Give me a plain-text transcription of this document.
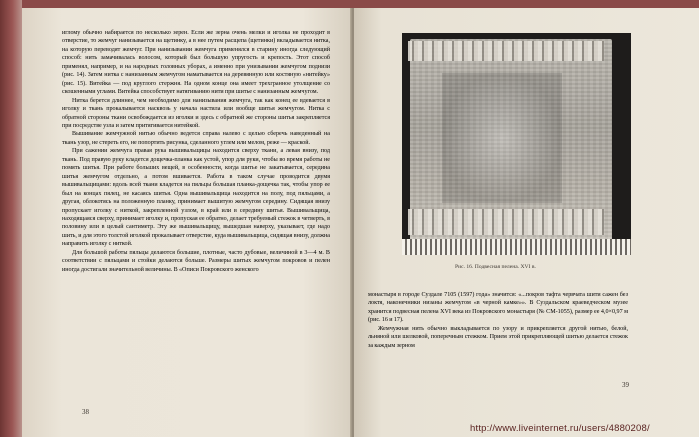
иглому обычно набирается по несколько зерен. Если же зерна очень мелки и иголка не проходит в отверстие, то жемчуг нанизывается на щетинку, а в нее путем расщепа (щетинки) вкладывается нитка, на которую переводят жемчуг. При нанизывании жемчуга применялся в старину иногда следующий способ: нить замачивалась волосом, который был большую упругость и крепость. Этот способ применял, например, и на народных головных уборах, а именно при унизывании жемчугом поднизи (рис. 14). Затем нитка с нанизанным жемчугом наматывается на деревянную или костяную «нитейку» (рис. 15). Витейка — под круглого стержня. На одном конце она имеет трехгранное утолщение со скошенными углами. Витейка способствует натягиванию нити при шитье с нанизанным жемчугом.

Нитка берется длиннее, чем необходимо для нанизывания жемчуга, так как конец ее вдевается в иголку и ткань прокалывается насквозь у начала настила или вообще шитья жемчугом. Нитка с обратной стороны ткани освобождается из иголки и здесь с обратной же стороны шитья закрепляется при посредстве узла и затем притягивается нитейкой.

Вышивание жемчужной нитью обычно ведется справа налево с целью сберечь наведенный на ткань узор, не стереть его, не попортить рисунка, сделанного углем или мелом, реже — краской.

При сажении жемчуга правая рука вышивальщицы находится сверху ткани, а левая внизу, под ткань. Под правую руку кладется дощечка-планка как устой, упор для руки, чтобы во время работы не помять шитья. При работе больших вещей, в особенности, когда шитье не закатывается, середина шитья жемчугом отдельно, а потом вшивается. Работа в таком случае проводится двумя вышивальщицами: вдоль всей ткани кладется на пяльцы большая планка-дощечка так, чтобы упор ее был на концах пялец, не касаясь шитья. Одна вышивальщица находится на полу, под пяльцами, а другая, облокотясь на положенную планку, принимает вышитую жемчугом середину. Сидящая внизу пропускает иголку с ниткой, закрепленной узлом, в край или в середину шитья. Вышивальщица, находящаяся сверху, принимает иголку и, пропуская ее обратно, делает требуемый стежок в четверть, в половину или в целый сантиметр. Эту же вышивальщицу, вышедшая наверху, указывает, где надо шить, и для этого толстой иголкой прокалывает отверстие, куда вышивальщица, сидящая внизу, должна направить иголку с ниткой.

Для большой работы пяльцы делаются большие, плотные, часто дубовые, величиной в 3—4 м. В соответствии с пяльцами и стойки делаются больше. Размеры шитых жемчугом покровов и пелен иногда достигали значительной величины. В «Описи Покровского женского

38
Рис. 16. Подвесная пелена. XVI в.

монастыря в городе Суздале 7105 (1597) года» значится: «...покров тафта червчата шити сажен без локтя, наконечники низаны жемчугом «в черной камке»». В Суздальском краеведческом музее хранится подвесная пелена XVI века из Покровского монастыря (№ СМ-1055), размер ее 4,0×0,97 м (рис. 16 и 17).

Жемчужная нить обычно выкладывается по узору и прикрепляется другой нитью, белой, льняной или шелковой, поперечным стежком. Прием этой прикрепляющей шитью делается стежок за каждым зерном

39
http://www.liveinternet.ru/users/4880208/
